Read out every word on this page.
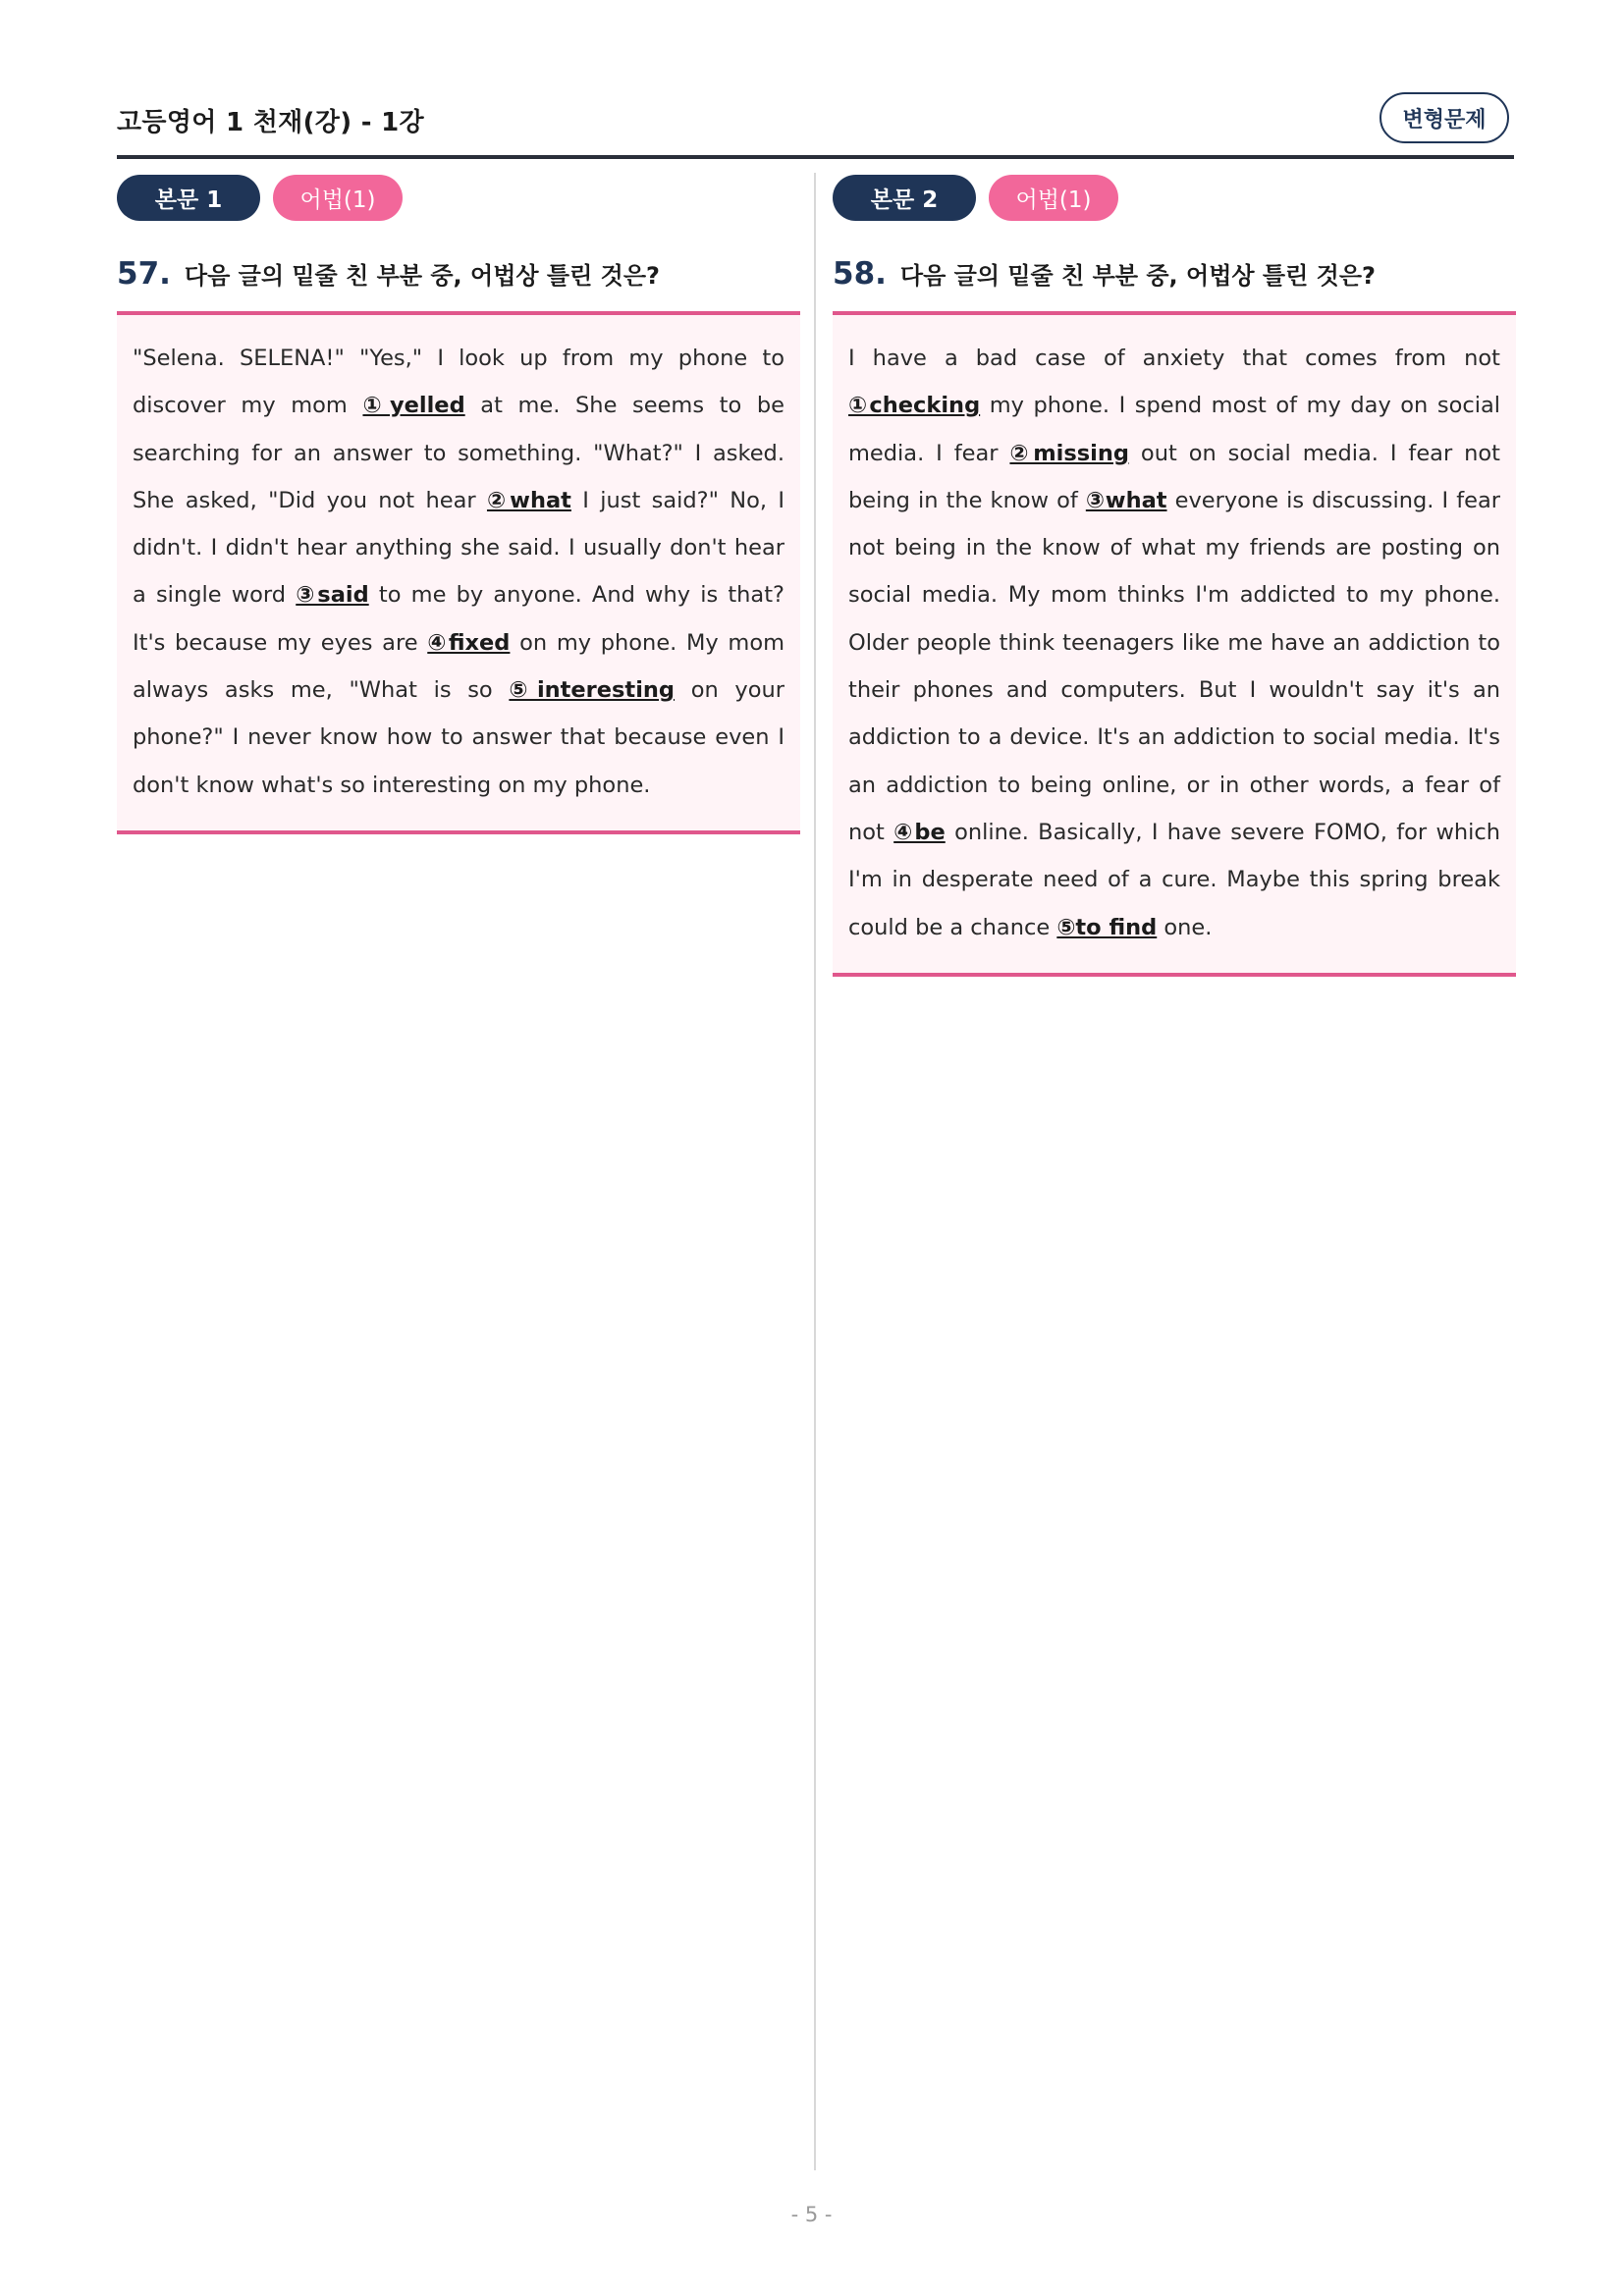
고등영어 1 천재(강) - 1강	변형문제
본문 1	어법(1)
57. 다음 글의 밑줄 친 부분 중, 어법상 틀린 것은?
"Selena. SELENA!" "Yes," I look up from my phone to discover my mom ①yelled at me. She seems to be searching for an answer to something. "What?" I asked. She asked, "Did you not hear ②what I just said?" No, I didn't. I didn't hear anything she said. I usually don't hear a single word ③said to me by anyone. And why is that? It's because my eyes are ④fixed on my phone. My mom always asks me, "What is so ⑤interesting on your phone?" I never know how to answer that because even I don't know what's so interesting on my phone.
본문 2	어법(1)
58. 다음 글의 밑줄 친 부분 중, 어법상 틀린 것은?
I have a bad case of anxiety that comes from not ①checking my phone. I spend most of my day on social media. I fear ②missing out on social media. I fear not being in the know of ③what everyone is discussing. I fear not being in the know of what my friends are posting on social media. My mom thinks I'm addicted to my phone. Older people think teenagers like me have an addiction to their phones and computers. But I wouldn't say it's an addiction to a device. It's an addiction to social media. It's an addiction to being online, or in other words, a fear of not ④be online. Basically, I have severe FOMO, for which I'm in desperate need of a cure. Maybe this spring break could be a chance ⑤to find one.
- 5 -
